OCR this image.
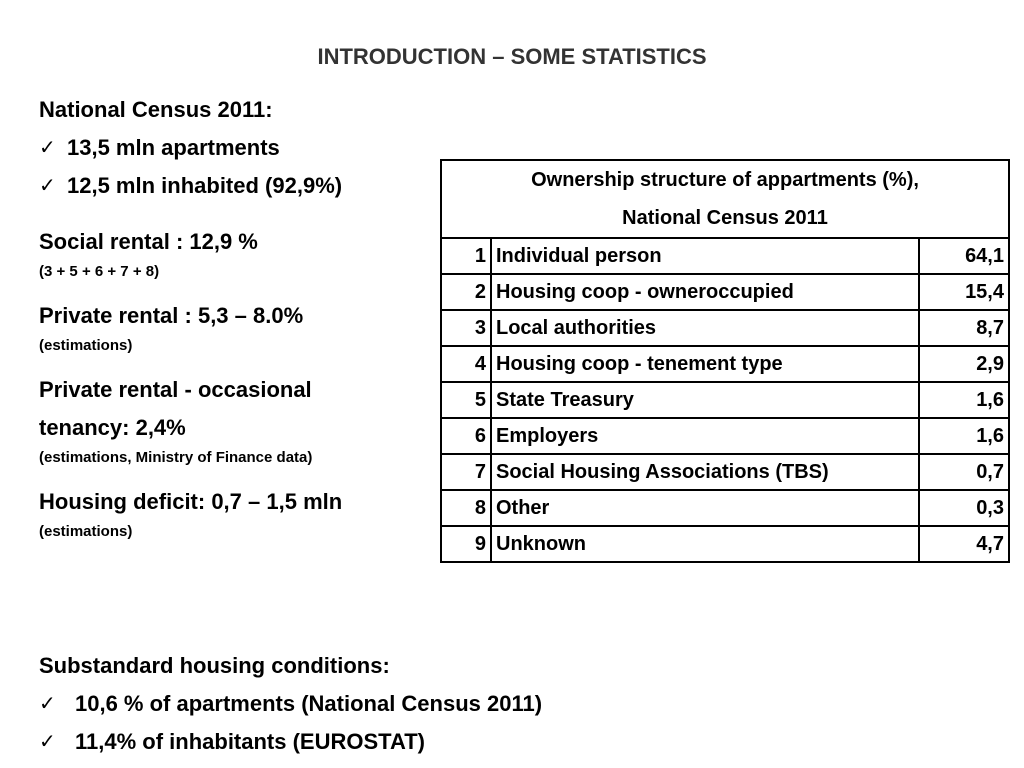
INTRODUCTION – SOME STATISTICS

National Census 2011:

✓ 13,5 mln apartments

✓ 12,5 mln inhabited (92,9%)

Social rental : 12,9 %

(3 + 5 + 6 + 7 + 8)

Private rental : 5,3 – 8.0%

(estimations)

Private rental - occasional

tenancy: 2,4%

(estimations, Ministry of Finance data)

Housing deficit: 0,7 – 1,5 mln

(estimations)

Ownership structure of appartments (%),
National Census 2011		

1	Individual person	64,1
2	Housing coop - owneroccupied	15,4
3	Local authorities	8,7
4	Housing coop - tenement type	2,9
5	State Treasury	1,6
6	Employers	1,6
7	Social Housing Associations (TBS)	0,7
8	Other	0,3
9	Unknown	4,7

Substandard housing conditions:

✓ 10,6 % of apartments (National Census 2011)

✓ 11,4% of inhabitants (EUROSTAT)
